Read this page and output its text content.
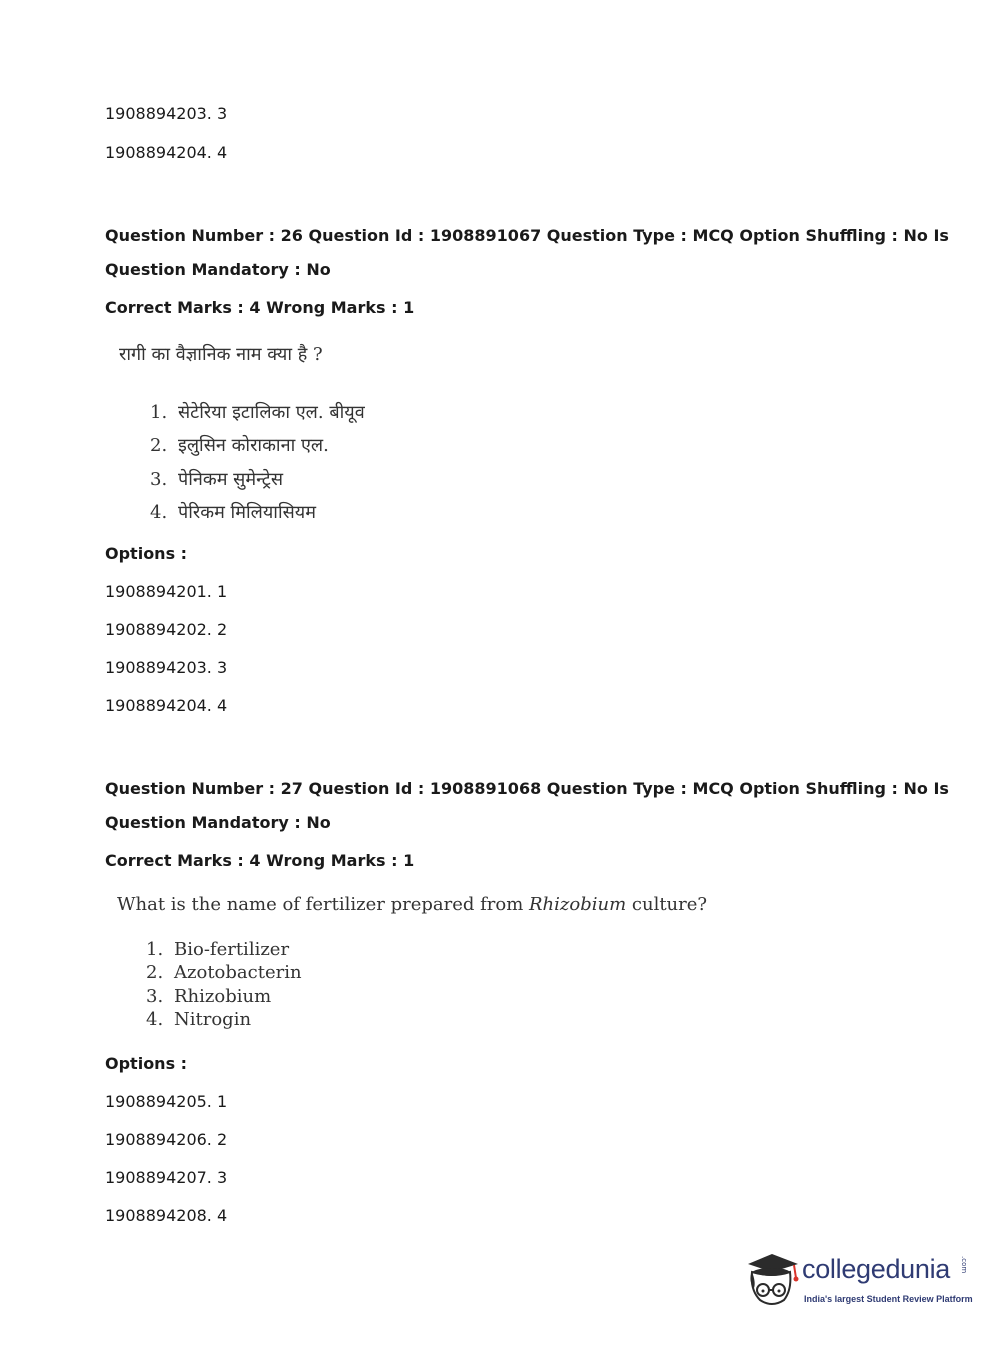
1908894203. 3
1908894204. 4
Question Number : 26 Question Id : 1908891067 Question Type : MCQ Option Shuffling : No Is
Question Mandatory : No
Correct Marks : 4 Wrong Marks : 1
रागी का वैज्ञानिक नाम क्या है ?
1. सेटेरिया इटालिका एल. बीयूव
2. इलुसिन कोराकाना एल.
3. पेनिकम सुमेन्ट्रेस
4. पेरिकम मिलियासियम
Options :
1908894201. 1
1908894202. 2
1908894203. 3
1908894204. 4
Question Number : 27 Question Id : 1908891068 Question Type : MCQ Option Shuffling : No Is
Question Mandatory : No
Correct Marks : 4 Wrong Marks : 1
What is the name of fertilizer prepared from Rhizobium culture?
1. Bio-fertilizer
2. Azotobacterin
3. Rhizobium
4. Nitrogin
Options :
1908894205. 1
1908894206. 2
1908894207. 3
1908894208. 4
collegedunia .com
India's largest Student Review Platform
